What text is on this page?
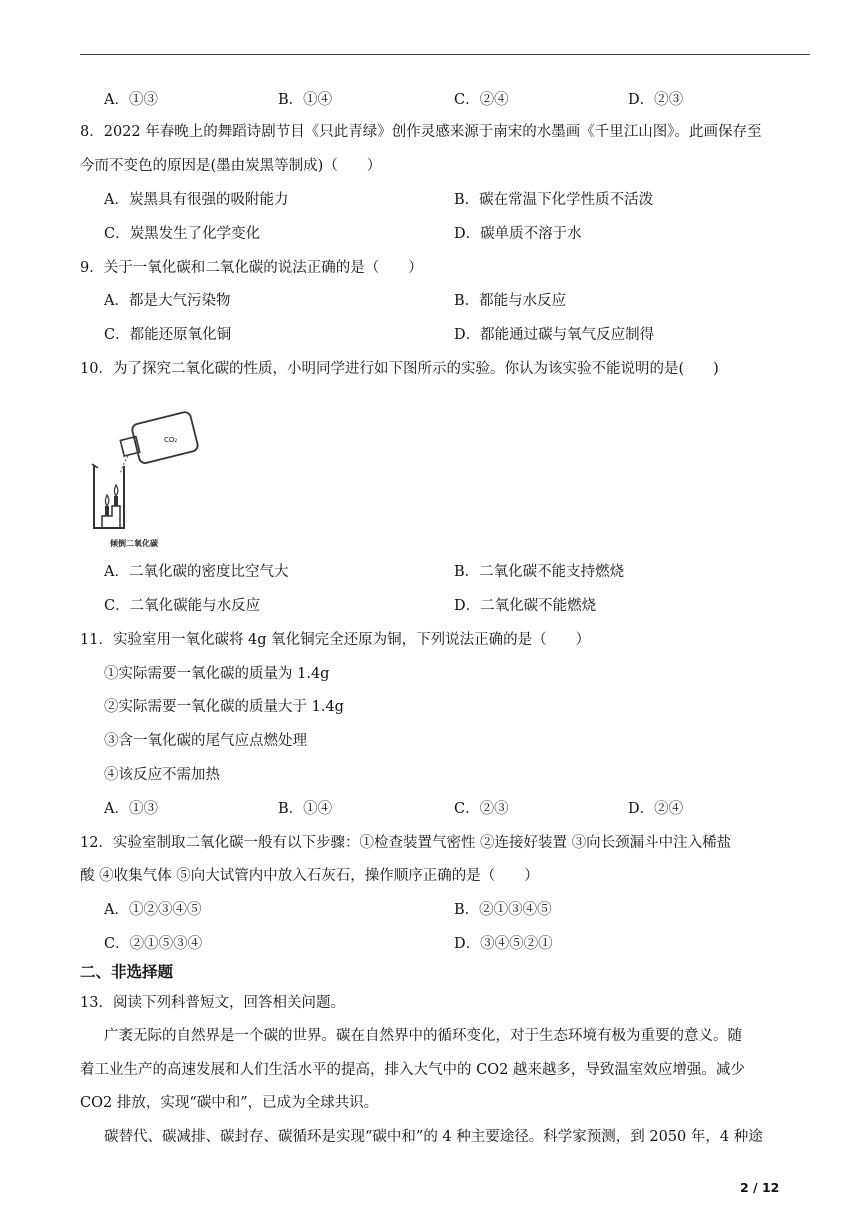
A．①③	B．①④	C．②④	D．②③
8．2022 年春晚上的舞蹈诗剧节目《只此青绿》创作灵感来源于南宋的水墨画《千里江山图》。此画保存至
今而不变色的原因是(墨由炭黑等制成)（　　）
A．炭黑具有很强的吸附能力	B．碳在常温下化学性质不活泼
C．炭黑发生了化学变化	D．碳单质不溶于水
9．关于一氧化碳和二氧化碳的说法正确的是（　　）
A．都是大气污染物	B．都能与水反应
C．都能还原氧化铜	D．都能通过碳与氧气反应制得
10．为了探究二氧化碳的性质，小明同学进行如下图所示的实验。你认为该实验不能说明的是(　　)
CO₂
倾倒二氧化碳
A．二氧化碳的密度比空气大	B．二氧化碳不能支持燃烧
C．二氧化碳能与水反应	D．二氧化碳不能燃烧
11．实验室用一氧化碳将 4g 氧化铜完全还原为铜，下列说法正确的是（　　）
①实际需要一氧化碳的质量为 1.4g
②实际需要一氧化碳的质量大于 1.4g
③含一氧化碳的尾气应点燃处理
④该反应不需加热
A．①③	B．①④	C．②③	D．②④
12．实验室制取二氧化碳一般有以下步骤：①检查装置气密性 ②连接好装置 ③向长颈漏斗中注入稀盐
酸 ④收集气体 ⑤向大试管内中放入石灰石，操作顺序正确的是（　　）
A．①②③④⑤	B．②①③④⑤
C．②①⑤③④	D．③④⑤②①
二、非选择题
13．阅读下列科普短文，回答相关问题。
广袤无际的自然界是一个碳的世界。碳在自然界中的循环变化，对于生态环境有极为重要的意义。随
着工业生产的高速发展和人们生活水平的提高，排入大气中的 CO2 越来越多，导致温室效应增强。减少
CO2 排放，实现“碳中和”，已成为全球共识。
碳替代、碳减排、碳封存、碳循环是实现“碳中和”的 4 种主要途径。科学家预测，到 2050 年，4 种途
2 / 12
